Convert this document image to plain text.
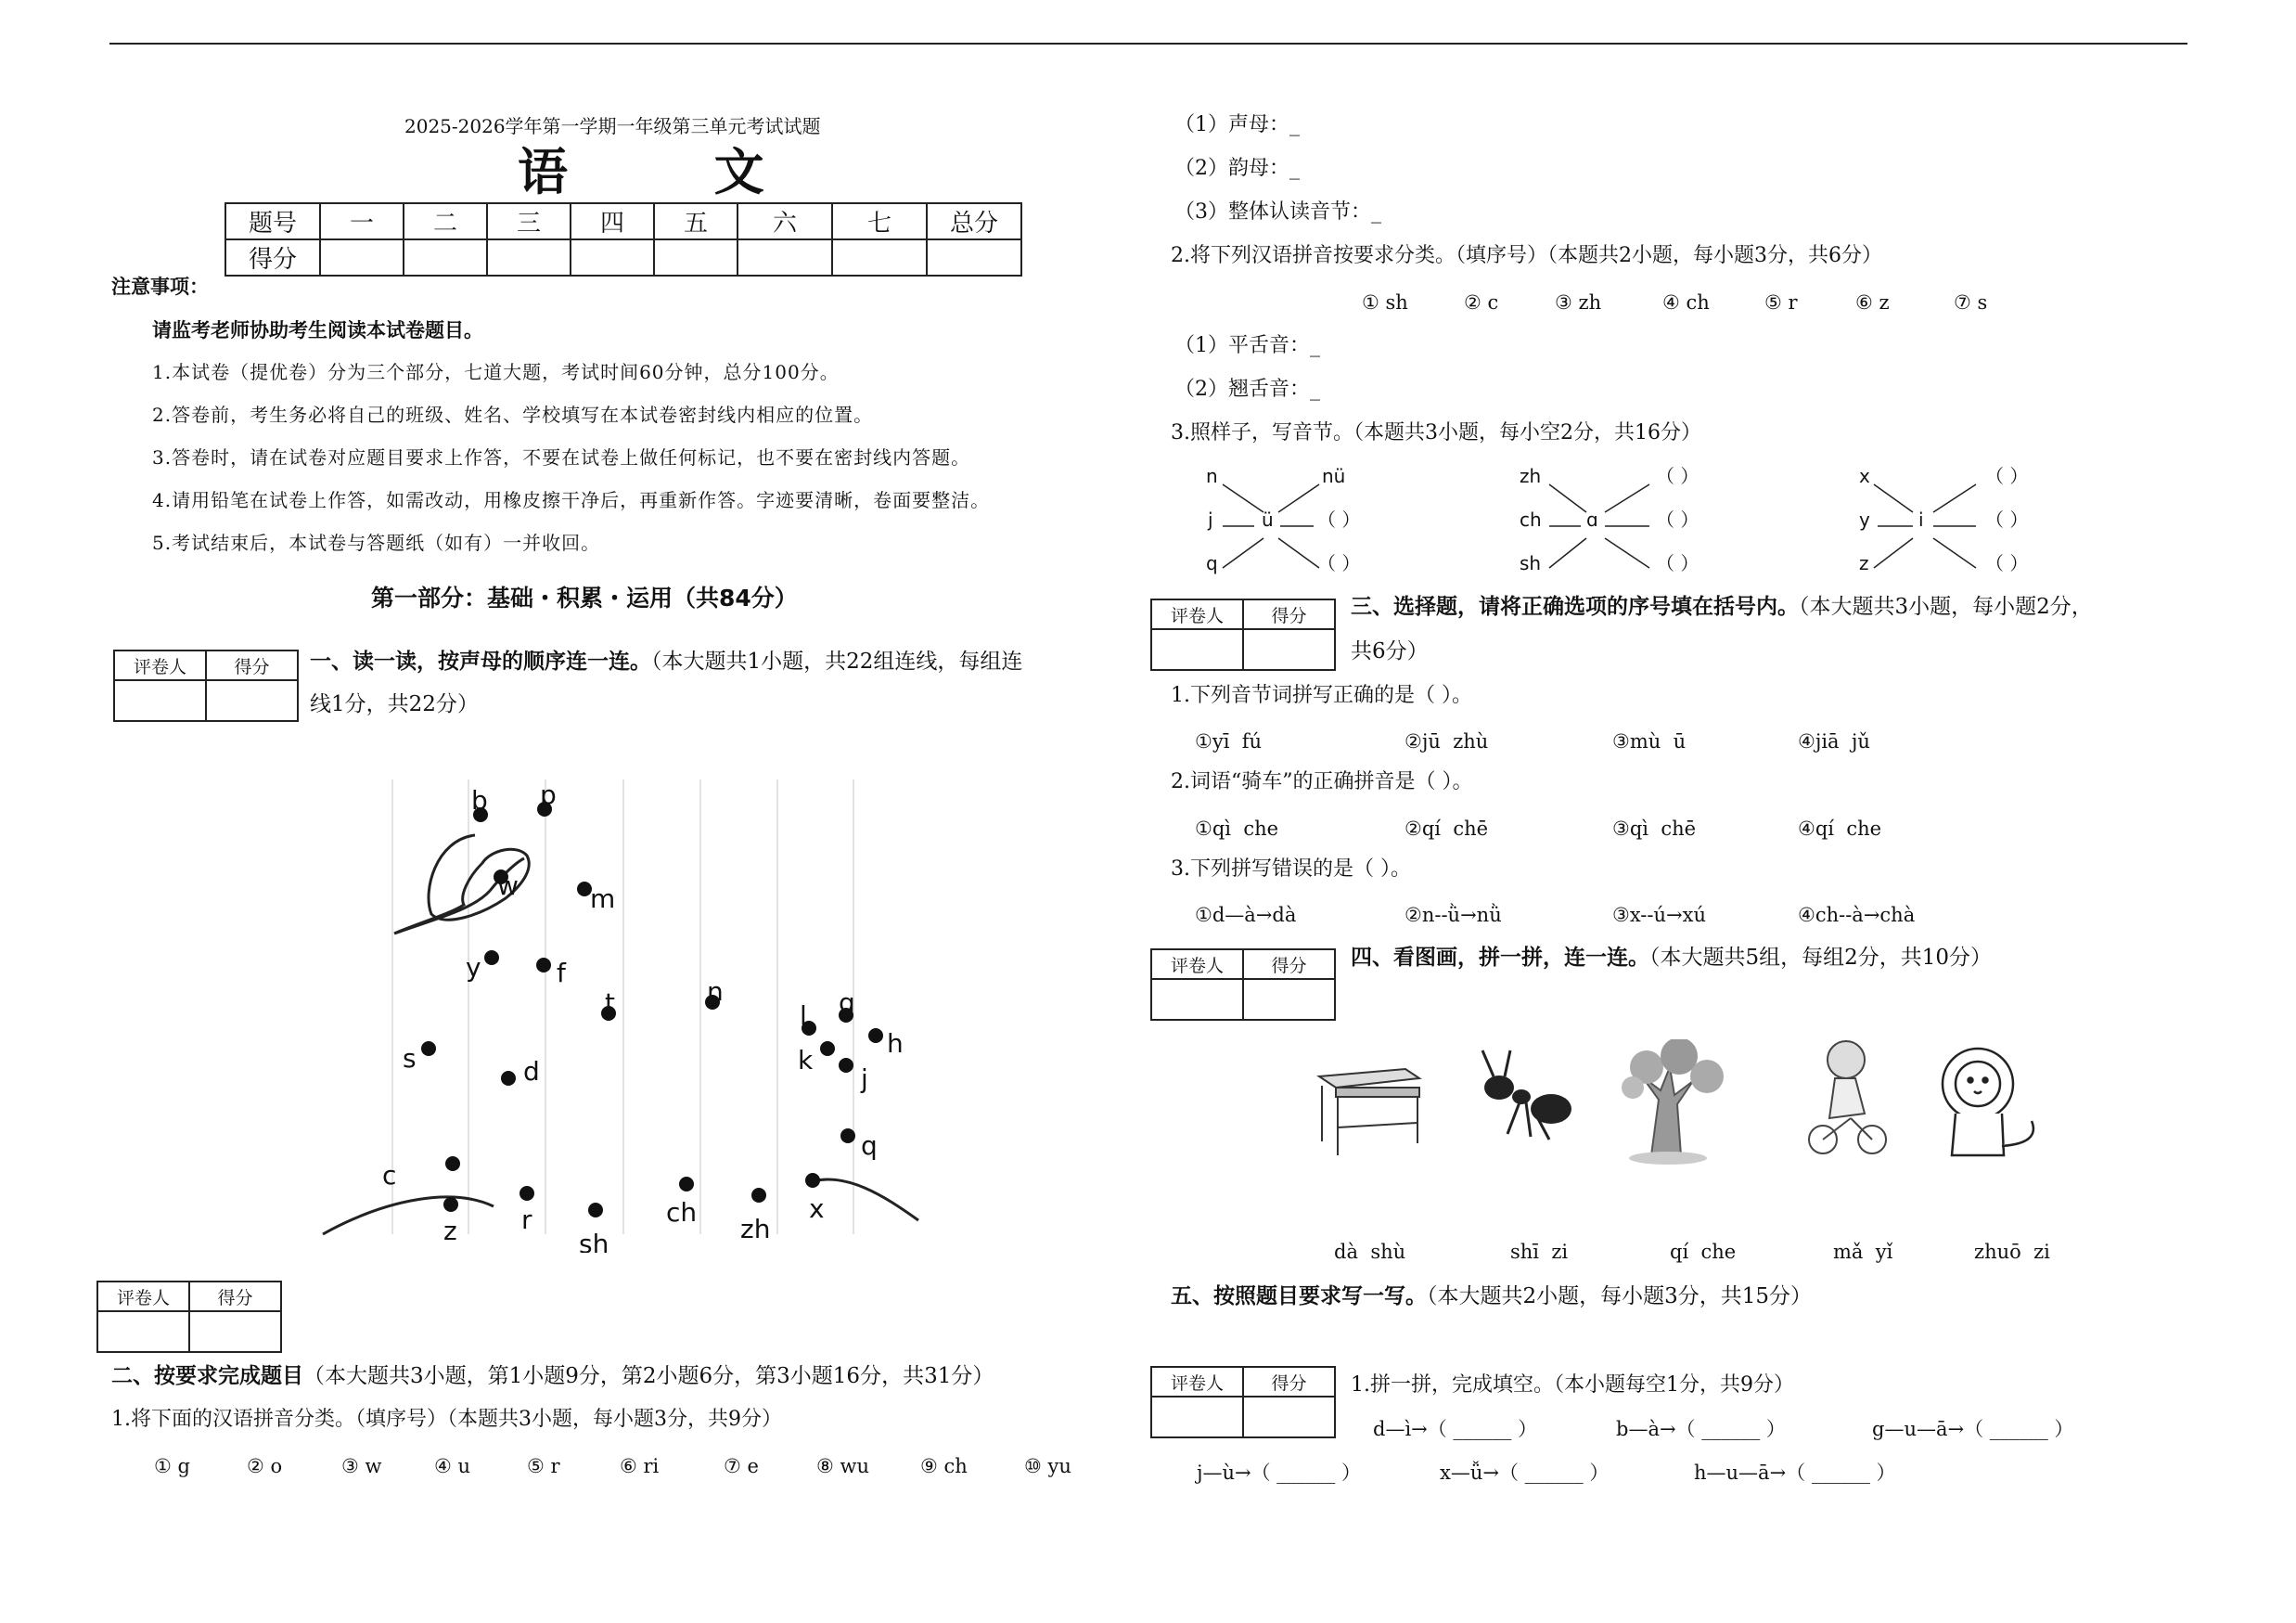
2025-2026学年第一学期一年级第三单元考试试题
语  文
题号	一	二	三	四	五	六	七	总分
得分								
注意事项：
请监考老师协助考生阅读本试卷题目。
1.本试卷（提优卷）分为三个部分，七道大题，考试时间60分钟，总分100分。
2.答卷前，考生务必将自己的班级、姓名、学校填写在本试卷密封线内相应的位置。
3.答卷时，请在试卷对应题目要求上作答，不要在试卷上做任何标记，也不要在密封线内答题。
4.请用铅笔在试卷上作答，如需改动，用橡皮擦干净后，再重新作答。字迹要清晰，卷面要整洁。
5.考试结束后，本试卷与答题纸（如有）一并收回。
第一部分：基础・积累・运用（共84分）
评卷人	得分
	一、读一读，按声母的顺序连一连。（本大题共1小题，共22组连线，每组连
线1分，共22分）
b p
w	m
y	f
t	n
l g
h
s	d	k
j
q
c
z r
sh
ch
zh
x
评卷人	得分

二、按要求完成题目（本大题共3小题，第1小题9分，第2小题6分，第3小题16分，共31分）
1.将下面的汉语拼音分类。（填序号）（本题共3小题，每小题3分，共9分）
① g	② o	③ w	④ u	⑤ r	⑥ ri	⑦ e	⑧ wu	⑨ ch	⑩ yu
（1）声母：_
（2）韵母：_
（3）整体认读音节：_
2.将下列汉语拼音按要求分类。（填序号）（本题共2小题，每小题3分，共6分）
① sh	② c	③ zh	④ ch	⑤ r	⑥ z	⑦ s
（1）平舌音：_
（2）翘舌音：_
3.照样子，写音节。（本题共3小题，每小空2分，共16分）
n
j
q
ü
nü
（ ）
（ ）
zh
ch
sh
ɑ
（ ）
（ ）
（ ）
x
y
z
i
（ ）
（ ）
（ ）
评卷人	得分
	三、选择题，请将正确选项的序号填在括号内。（本大题共3小题，每小题2分，
共6分）
1.下列音节词拼写正确的是（ ）。
①yī  fú	②jū  zhù	③mù  ū	④jiā  jǔ
2.词语“骑车”的正确拼音是（ ）。
①qì  che	②qí  chē	③qì  chē	④qí  che
3.下列拼写错误的是（ ）。
①d—à→dà	②n--ǜ→nǜ	③x--ú→xú	④ch--à→chà
评卷人	得分
	四、看图画，拼一拼，连一连。（本大题共5组，每组2分，共10分）
dà  shù	shī  zi	qí  che	mǎ  yǐ	zhuō  zi
五、按照题目要求写一写。（本大题共2小题，每小题3分，共15分）
评卷人	得分
	1.拼一拼，完成填空。（本小题每空1分，共9分）
d—ì→（ ______ ）	b—à→（ ______ ）	g—u—ā→（ ______ ）
j—ù→（ ______ ）	x—ǚ→（ ______ ）	h—u—ā→（ ______ ）
